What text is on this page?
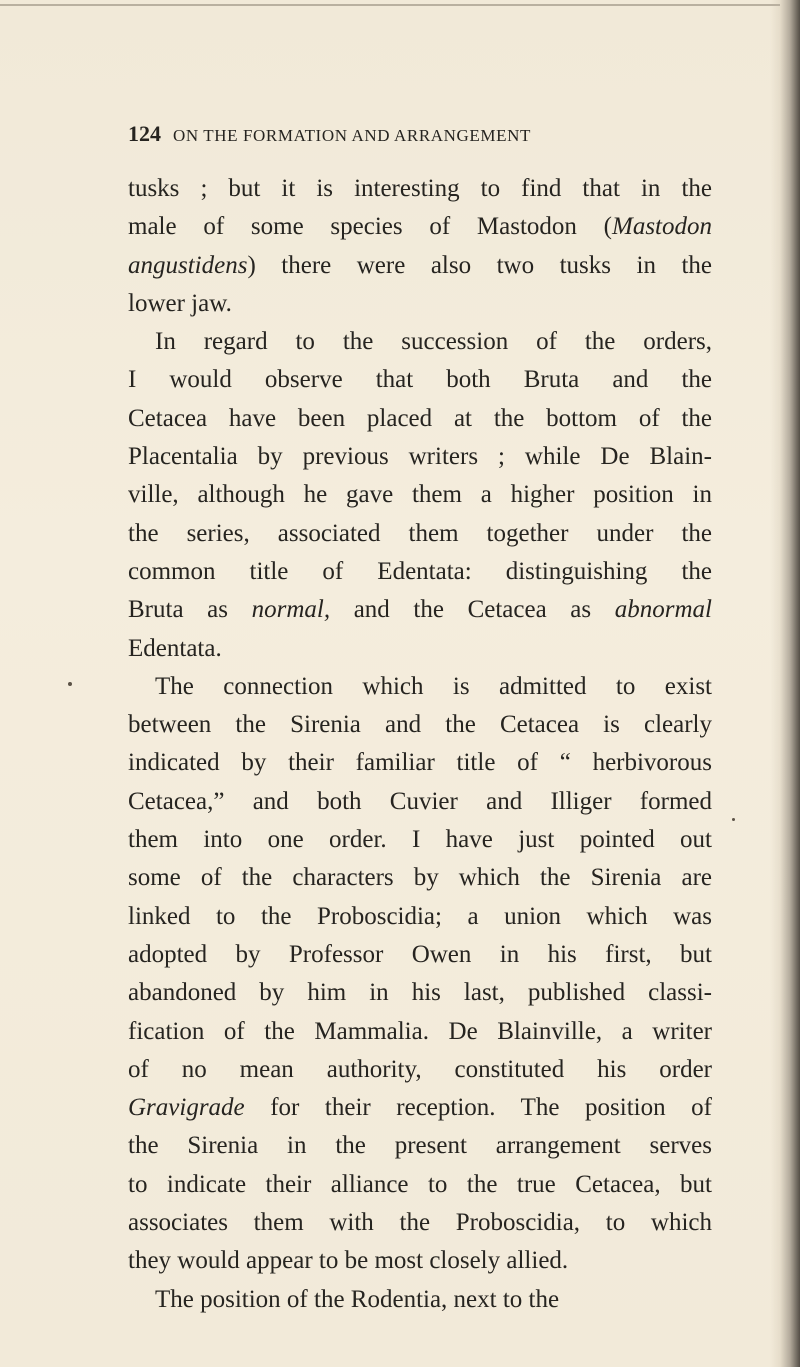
124 ON THE FORMATION AND ARRANGEMENT
tusks ; but it is interesting to find that in the
male of some species of Mastodon (Mastodon
angustidens) there were also two tusks in the
lower jaw.
In regard to the succession of the orders,
I would observe that both Bruta and the
Cetacea have been placed at the bottom of the
Placentalia by previous writers ; while De Blain-
ville, although he gave them a higher position in
the series, associated them together under the
common title of Edentata: distinguishing the
Bruta as normal, and the Cetacea as abnormal
Edentata.
The connection which is admitted to exist
between the Sirenia and the Cetacea is clearly
indicated by their familiar title of “ herbivorous
Cetacea,” and both Cuvier and Illiger formed
them into one order. I have just pointed out
some of the characters by which the Sirenia are
linked to the Proboscidia; a union which was
adopted by Professor Owen in his first, but
abandoned by him in his last, published classi-
fication of the Mammalia. De Blainville, a writer
of no mean authority, constituted his order
Gravigrade for their reception. The position of
the Sirenia in the present arrangement serves
to indicate their alliance to the true Cetacea, but
associates them with the Proboscidia, to which
they would appear to be most closely allied.
The position of the Rodentia, next to the
